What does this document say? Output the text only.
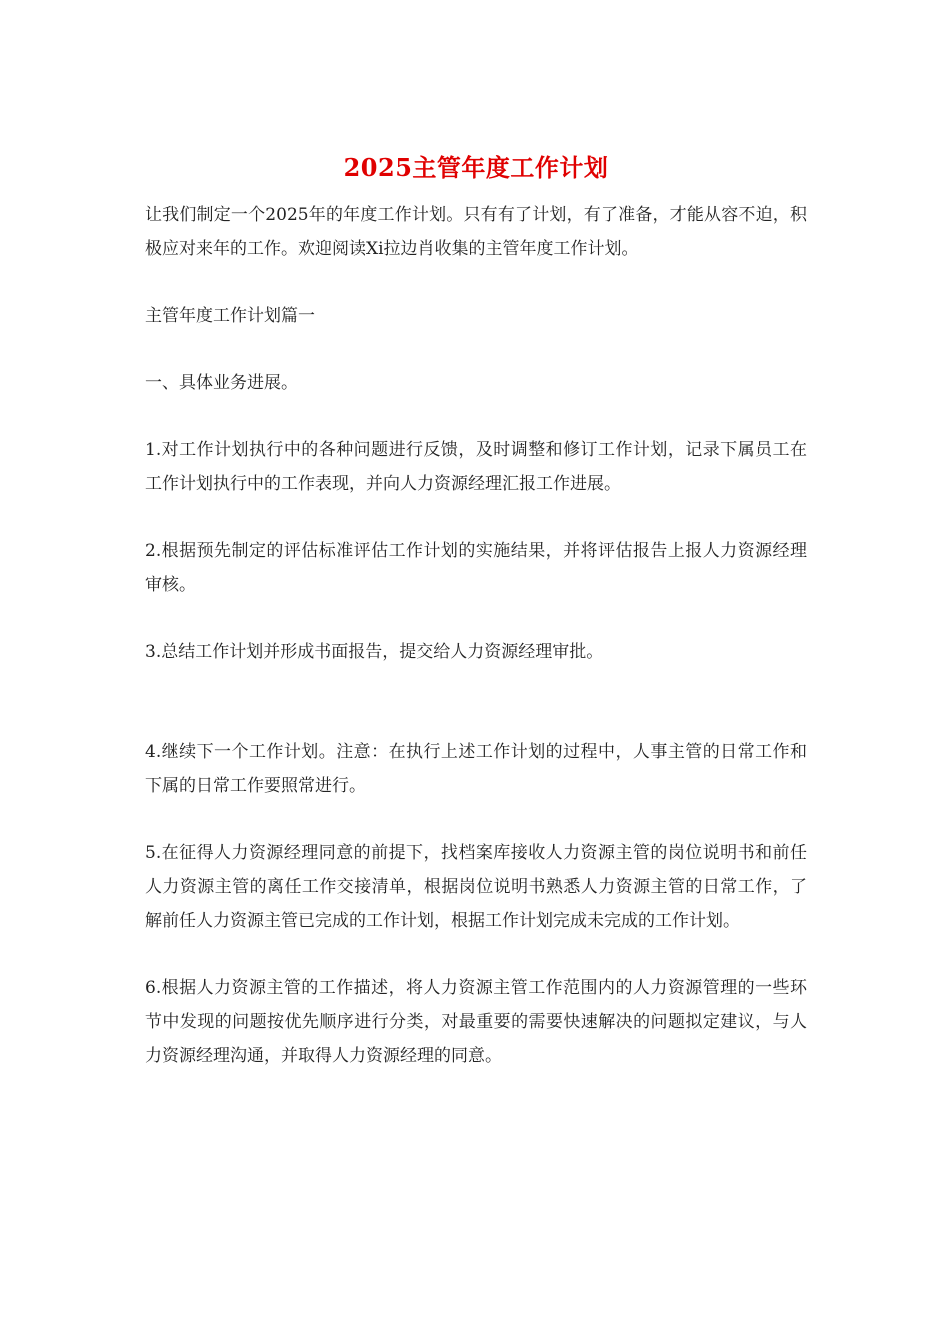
2025主管年度工作计划

让我们制定一个2025年的年度工作计划。只有有了计划，有了准备，才能从容不迫，积极应对来年的工作。欢迎阅读Xi拉边肖收集的主管年度工作计划。

主管年度工作计划篇一

一、具体业务进展。

1.对工作计划执行中的各种问题进行反馈，及时调整和修订工作计划，记录下属员工在工作计划执行中的工作表现，并向人力资源经理汇报工作进展。

2.根据预先制定的评估标准评估工作计划的实施结果，并将评估报告上报人力资源经理审核。

3.总结工作计划并形成书面报告，提交给人力资源经理审批。

4.继续下一个工作计划。注意：在执行上述工作计划的过程中，人事主管的日常工作和下属的日常工作要照常进行。

5.在征得人力资源经理同意的前提下，找档案库接收人力资源主管的岗位说明书和前任人力资源主管的离任工作交接清单，根据岗位说明书熟悉人力资源主管的日常工作，了解前任人力资源主管已完成的工作计划，根据工作计划完成未完成的工作计划。

6.根据人力资源主管的工作描述，将人力资源主管工作范围内的人力资源管理的一些环节中发现的问题按优先顺序进行分类，对最重要的需要快速解决的问题拟定建议，与人力资源经理沟通，并取得人力资源经理的同意。
